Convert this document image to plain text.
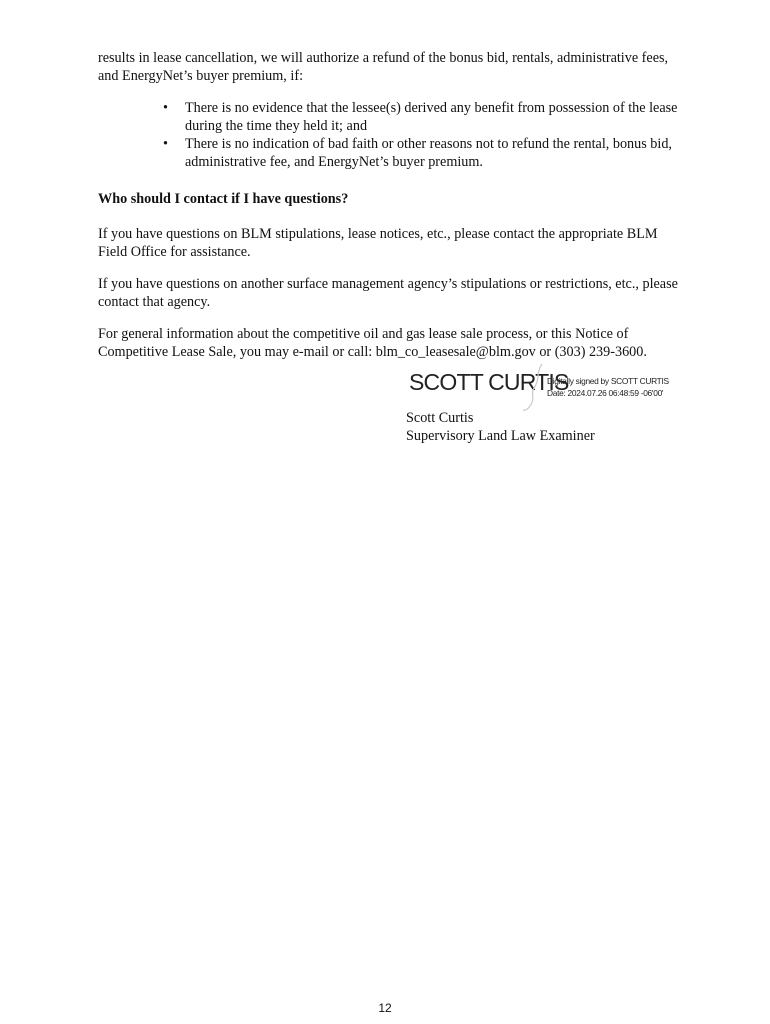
results in lease cancellation, we will authorize a refund of the bonus bid, rentals, administrative fees, and EnergyNet’s buyer premium, if:
• There is no evidence that the lessee(s) derived any benefit from possession of the lease during the time they held it; and
• There is no indication of bad faith or other reasons not to refund the rental, bonus bid, administrative fee, and EnergyNet’s buyer premium.
Who should I contact if I have questions?
If you have questions on BLM stipulations, lease notices, etc., please contact the appropriate BLM Field Office for assistance.
If you have questions on another surface management agency’s stipulations or restrictions, etc., please contact that agency.
For general information about the competitive oil and gas lease sale process, or this Notice of Competitive Lease Sale, you may e-mail or call: blm_co_leasesale@blm.gov or (303) 239-3600.
SCOTT CURTIS
Digitally signed by SCOTT CURTIS
Date: 2024.07.26 06:48:59 -06'00'
Scott Curtis
Supervisory Land Law Examiner
12
